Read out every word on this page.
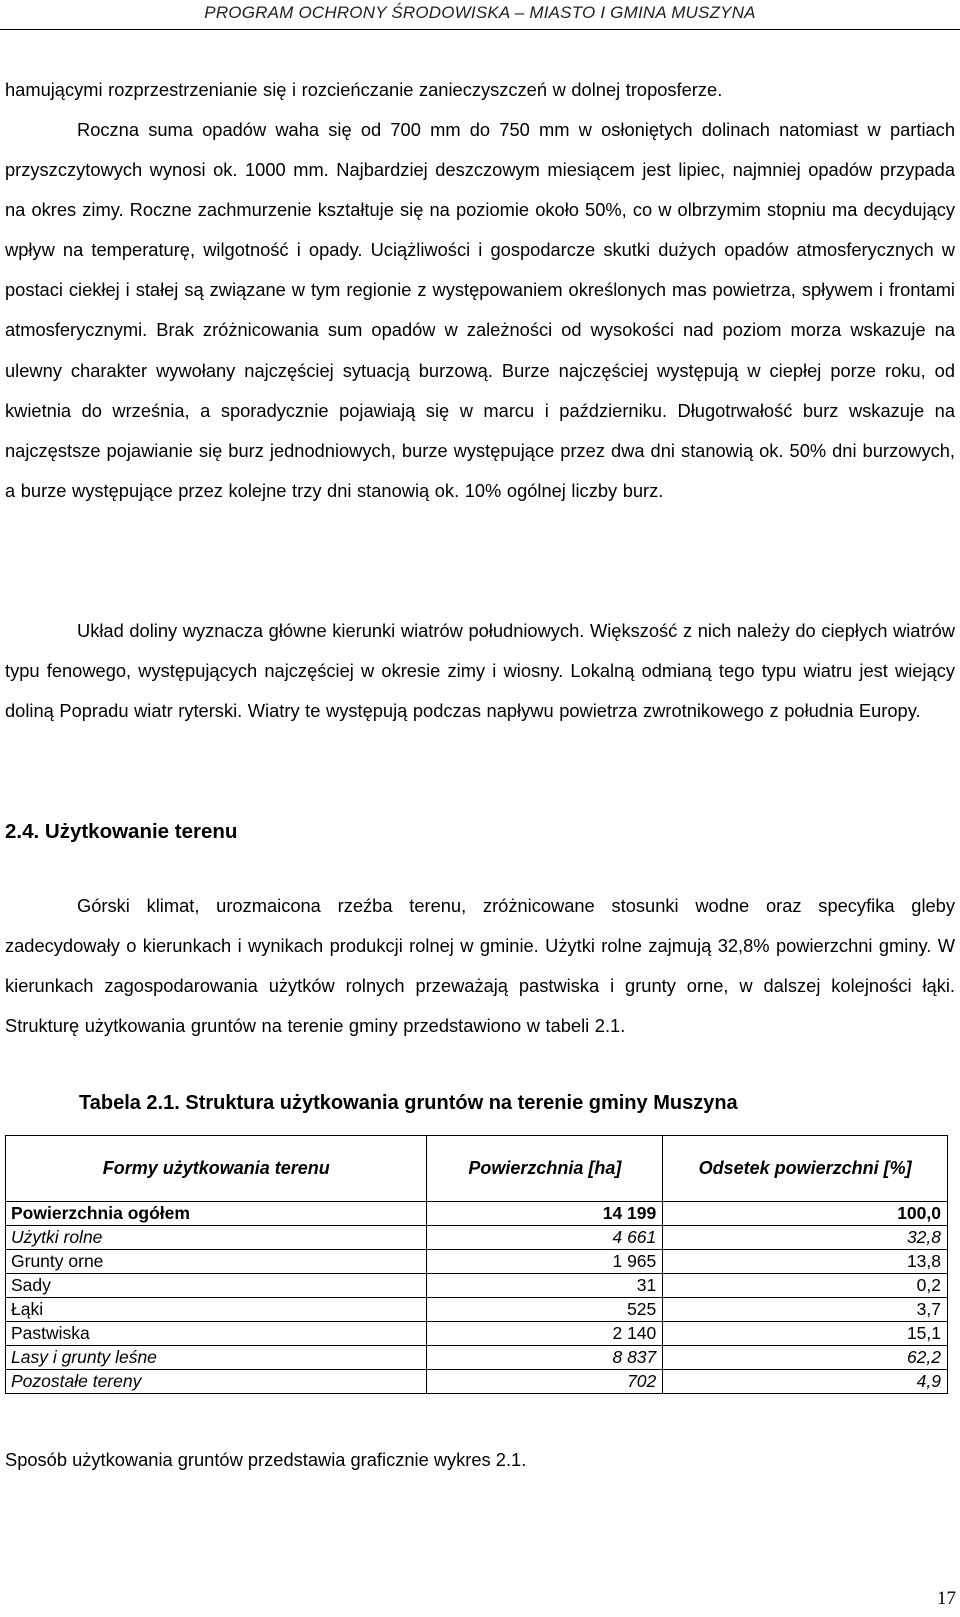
PROGRAM OCHRONY ŚRODOWISKA – MIASTO I GMINA MUSZYNA

hamującymi rozprzestrzenianie się i rozcieńczanie zanieczyszczeń w dolnej troposferze.

Roczna suma opadów waha się od 700 mm do 750 mm w osłoniętych dolinach natomiast w partiach przyszczytowych wynosi ok. 1000 mm. Najbardziej deszczowym miesiącem jest lipiec, najmniej opadów przypada na okres zimy. Roczne zachmurzenie kształtuje się na poziomie około 50%, co w olbrzymim stopniu ma decydujący wpływ na temperaturę, wilgotność i opady. Uciążliwości i gospodarcze skutki dużych opadów atmosferycznych w postaci ciekłej i stałej są związane w tym regionie z występowaniem określonych mas powietrza, spływem i frontami atmosferycznymi. Brak zróżnicowania sum opadów w zależności od wysokości nad poziom morza wskazuje na ulewny charakter wywołany najczęściej sytuacją burzową. Burze najczęściej występują w ciepłej porze roku, od kwietnia do września, a sporadycznie pojawiają się w marcu i październiku. Długotrwałość burz wskazuje na najczęstsze pojawianie się burz jednodniowych, burze występujące przez dwa dni stanowią ok. 50% dni burzowych, a burze występujące przez kolejne trzy dni stanowią ok. 10% ogólnej liczby burz.

Układ doliny wyznacza główne kierunki wiatrów południowych. Większość z nich należy do ciepłych wiatrów typu fenowego, występujących najczęściej w okresie zimy i wiosny. Lokalną odmianą tego typu wiatru jest wiejący doliną Popradu wiatr ryterski. Wiatry te występują podczas napływu powietrza zwrotnikowego z południa Europy.

2.4. Użytkowanie terenu

Górski klimat, urozmaicona rzeźba terenu, zróżnicowane stosunki wodne oraz specyfika gleby zadecydowały o kierunkach i wynikach produkcji rolnej w gminie. Użytki rolne zajmują 32,8% powierzchni gminy. W kierunkach zagospodarowania użytków rolnych przeważają pastwiska i grunty orne, w dalszej kolejności łąki. Strukturę użytkowania gruntów na terenie gminy przedstawiono w tabeli 2.1.

Tabela 2.1. Struktura użytkowania gruntów na terenie gminy Muszyna
Formy użytkowania terenu	Powierzchnia [ha]	Odsetek powierzchni [%]
Powierzchnia ogółem	14 199	100,0
Użytki rolne	4 661	32,8
Grunty orne	1 965	13,8
Sady	31	0,2
Łąki	525	3,7
Pastwiska	2 140	15,1
Lasy i grunty leśne	8 837	62,2
Pozostałe tereny	702	4,9

Sposób użytkowania gruntów przedstawia graficznie wykres 2.1.

17
